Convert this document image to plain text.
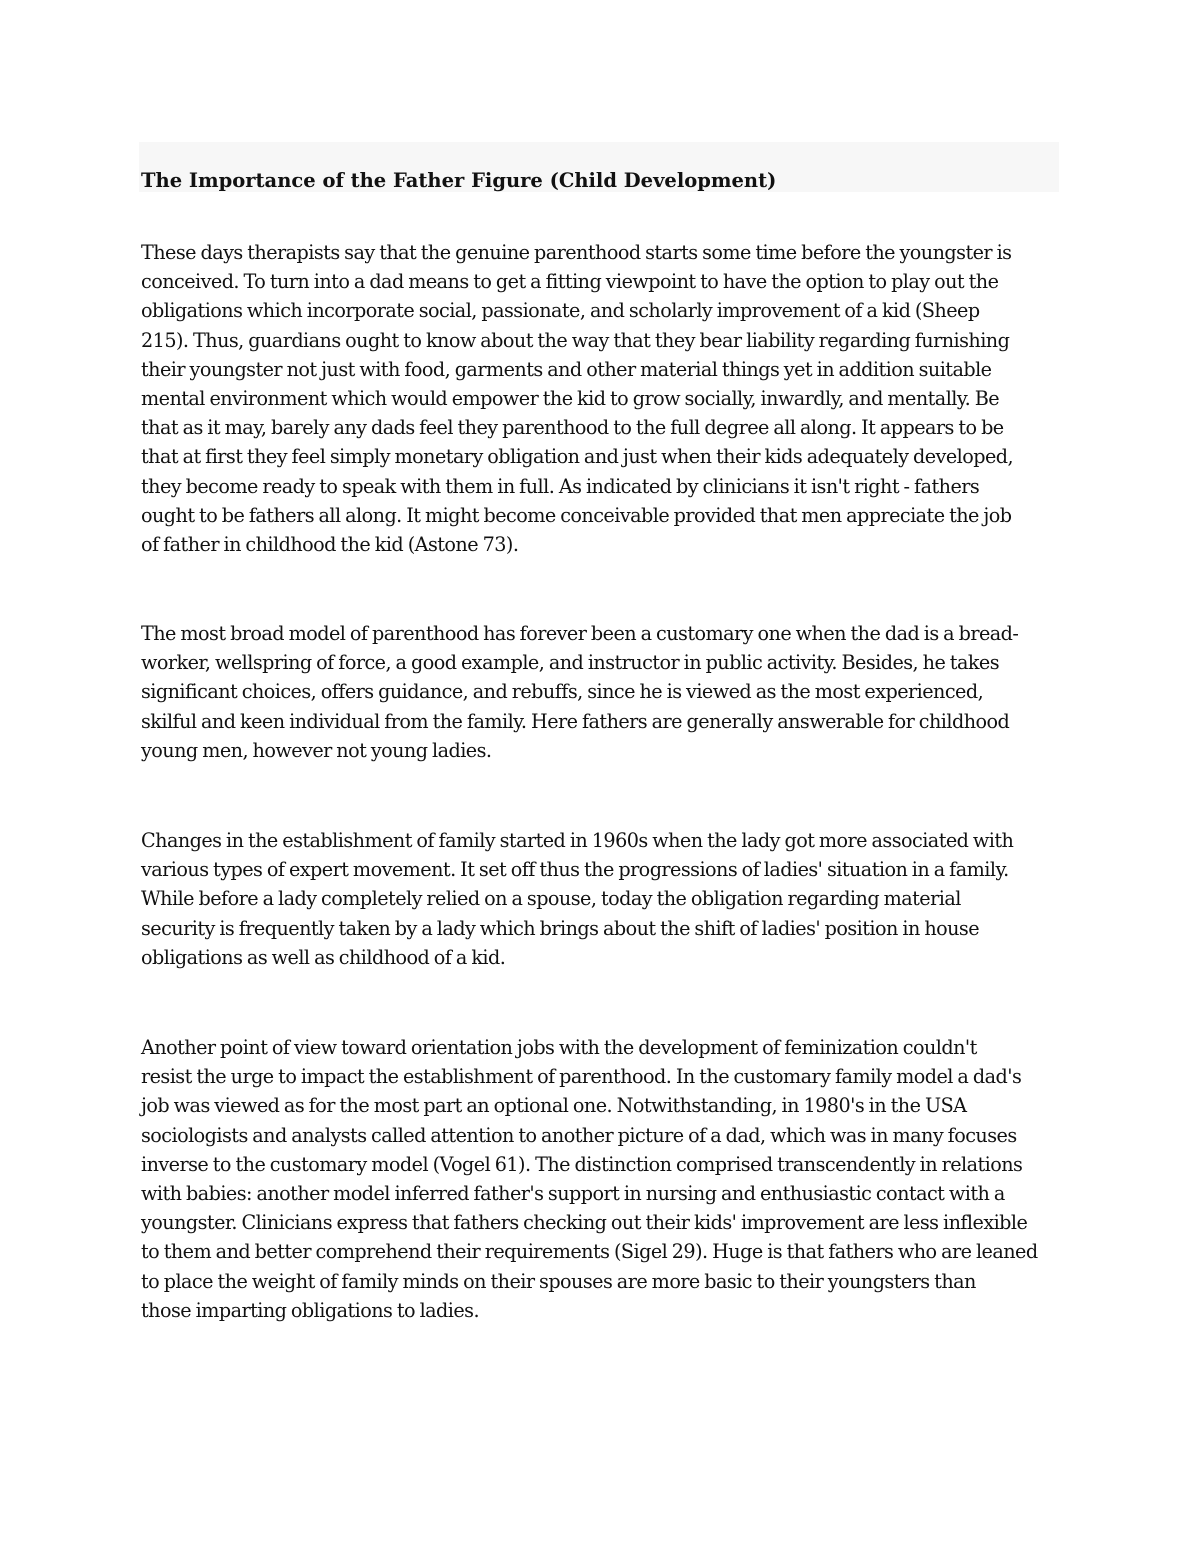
The Importance of the Father Figure (Child Development)

These days therapists say that the genuine parenthood starts some time before the youngster is
conceived. To turn into a dad means to get a fitting viewpoint to have the option to play out the
obligations which incorporate social, passionate, and scholarly improvement of a kid (Sheep
215). Thus, guardians ought to know about the way that they bear liability regarding furnishing
their youngster not just with food, garments and other material things yet in addition suitable
mental environment which would empower the kid to grow socially, inwardly, and mentally. Be
that as it may, barely any dads feel they parenthood to the full degree all along. It appears to be
that at first they feel simply monetary obligation and just when their kids adequately developed,
they become ready to speak with them in full. As indicated by clinicians it isn't right - fathers
ought to be fathers all along. It might become conceivable provided that men appreciate the job
of father in childhood the kid (Astone 73).

The most broad model of parenthood has forever been a customary one when the dad is a bread-
worker, wellspring of force, a good example, and instructor in public activity. Besides, he takes
significant choices, offers guidance, and rebuffs, since he is viewed as the most experienced,
skilful and keen individual from the family. Here fathers are generally answerable for childhood
young men, however not young ladies.

Changes in the establishment of family started in 1960s when the lady got more associated with
various types of expert movement. It set off thus the progressions of ladies' situation in a family.
While before a lady completely relied on a spouse, today the obligation regarding material
security is frequently taken by a lady which brings about the shift of ladies' position in house
obligations as well as childhood of a kid.

Another point of view toward orientation jobs with the development of feminization couldn't
resist the urge to impact the establishment of parenthood. In the customary family model a dad's
job was viewed as for the most part an optional one. Notwithstanding, in 1980's in the USA
sociologists and analysts called attention to another picture of a dad, which was in many focuses
inverse to the customary model (Vogel 61). The distinction comprised transcendently in relations
with babies: another model inferred father's support in nursing and enthusiastic contact with a
youngster. Clinicians express that fathers checking out their kids' improvement are less inflexible
to them and better comprehend their requirements (Sigel 29). Huge is that fathers who are leaned
to place the weight of family minds on their spouses are more basic to their youngsters than
those imparting obligations to ladies.
